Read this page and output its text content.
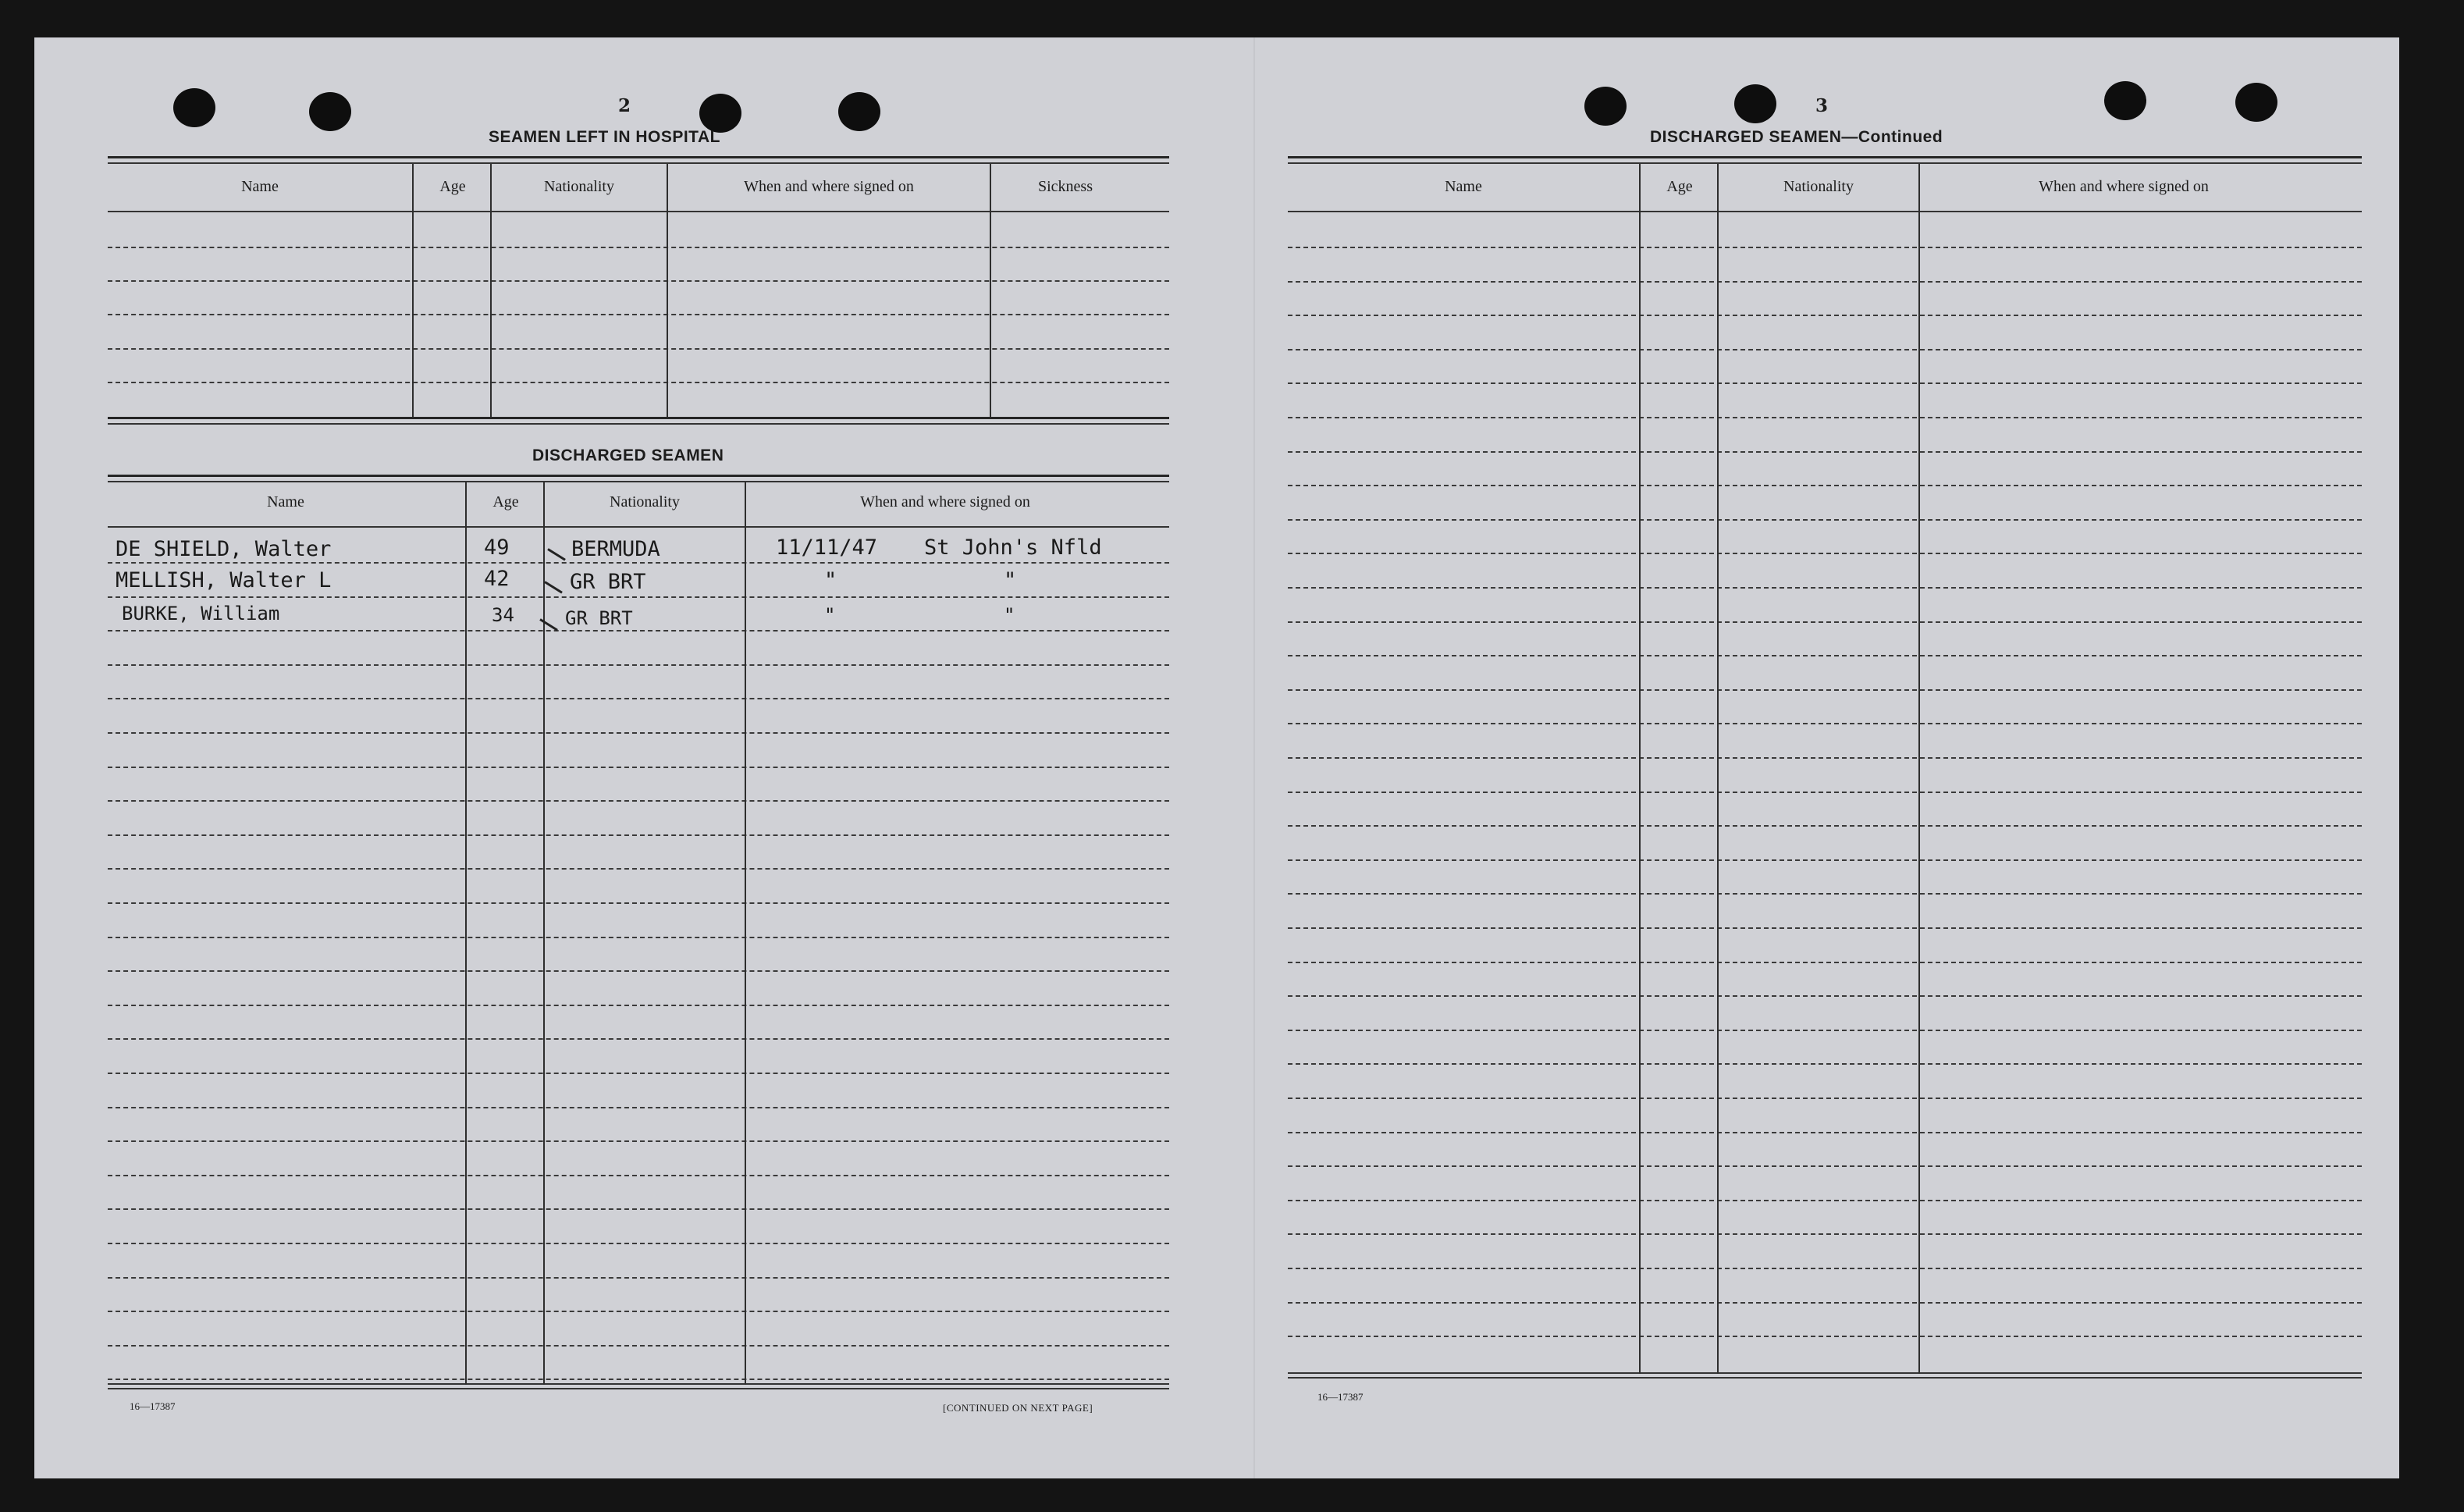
2
SEAMEN LEFT IN HOSPITAL
Name	Age	Nationality	When and where signed on	Sickness
DISCHARGED SEAMEN
Name	Age	Nationality	When and where signed on
DE SHIELD, Walter	49	BERMUDA	11/11/47 St John's Nfld
MELLISH, Walter L	42	GR BRT	"	"
BURKE, William	34	GR BRT	"	"
16—17387	[CONTINUED ON NEXT PAGE]
3
DISCHARGED SEAMEN—Continued
Name	Age	Nationality	When and where signed on
16—17387
